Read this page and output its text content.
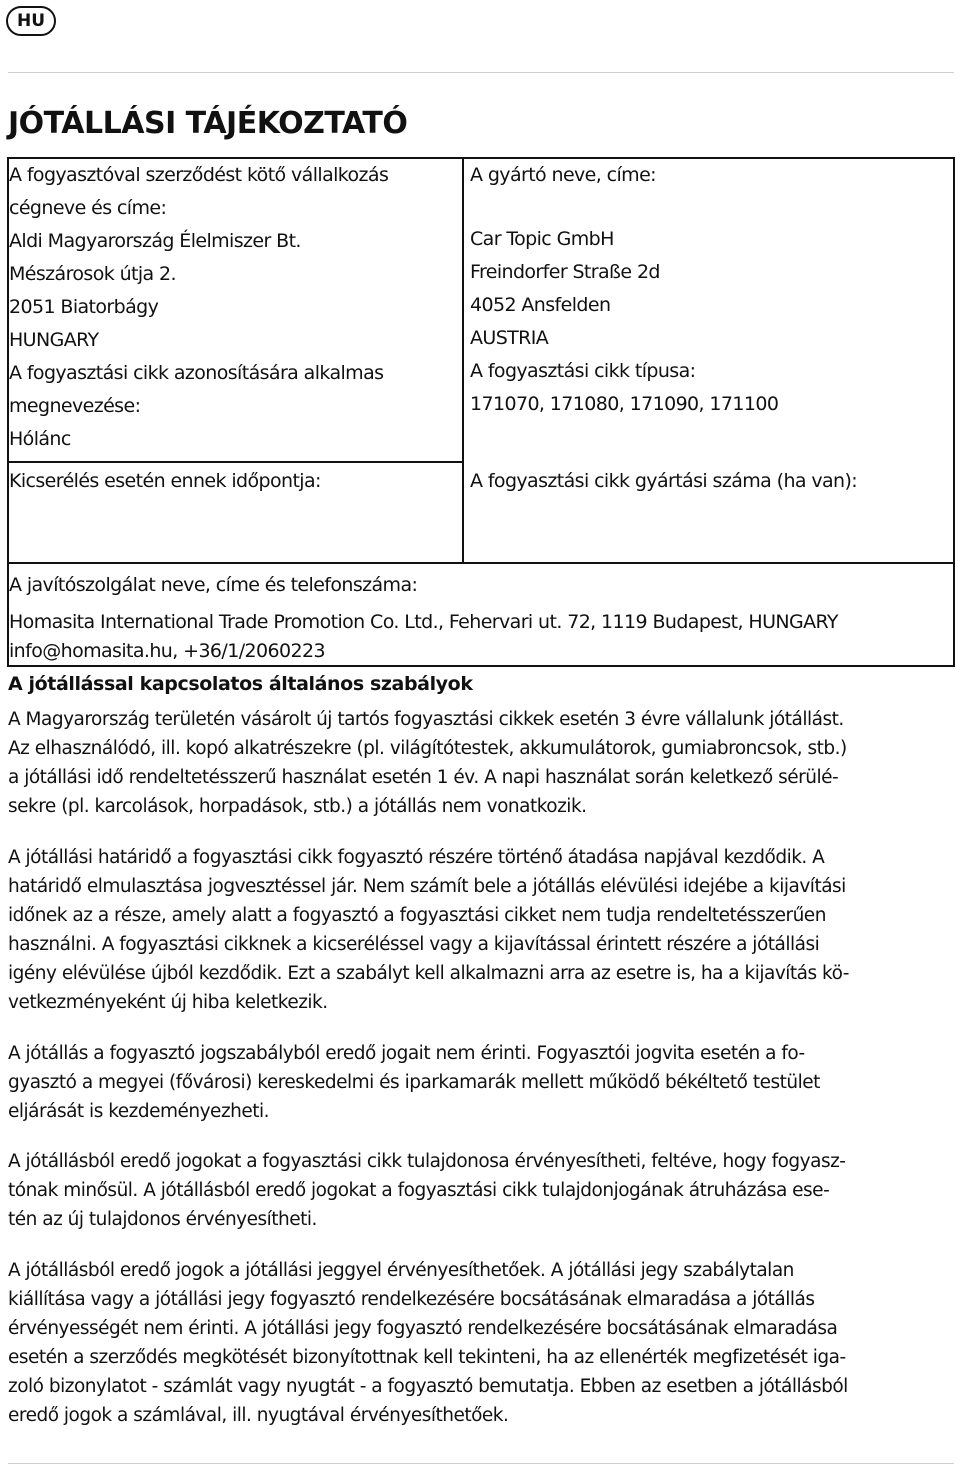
HU
JÓTÁLLÁSI TÁJÉKOZTATÓ
A fogyasztóval szerződést kötő vállalkozás
cégneve és címe:
Aldi Magyarország Élelmiszer Bt.
Mészárosok útja 2.
2051 Biatorbágy
HUNGARY
A fogyasztási cikk azonosítására alkalmas
megnevezése:
Hólánc
Kicserélés esetén ennek időpontja:
A gyártó neve, címe:
Car Topic GmbH
Freindorfer Straße 2d
4052 Ansfelden
AUSTRIA
A fogyasztási cikk típusa:
171070, 171080, 171090, 171100
A fogyasztási cikk gyártási száma (ha van):
A javítószolgálat neve, címe és telefonszáma:
Homasita International Trade Promotion Co. Ltd., Fehervari ut. 72, 1119 Budapest, HUNGARY
info@homasita.hu, +36/1/2060223
A jótállással kapcsolatos általános szabályok
A Magyarország területén vásárolt új tartós fogyasztási cikkek esetén 3 évre vállalunk jótállást.
Az elhasználódó, ill. kopó alkatrészekre (pl. világítótestek, akkumulátorok, gumiabroncsok, stb.)
a jótállási idő rendeltetésszerű használat esetén 1 év. A napi használat során keletkező sérülé-
sekre (pl. karcolások, horpadások, stb.) a jótállás nem vonatkozik.
A jótállási határidő a fogyasztási cikk fogyasztó részére történő átadása napjával kezdődik. A
határidő elmulasztása jogvesztéssel jár. Nem számít bele a jótállás elévülési idejébe a kijavítási
időnek az a része, amely alatt a fogyasztó a fogyasztási cikket nem tudja rendeltetésszerűen
használni. A fogyasztási cikknek a kicseréléssel vagy a kijavítással érintett részére a jótállási
igény elévülése újból kezdődik. Ezt a szabályt kell alkalmazni arra az esetre is, ha a kijavítás kö-
vetkezményeként új hiba keletkezik.
A jótállás a fogyasztó jogszabályból eredő jogait nem érinti. Fogyasztói jogvita esetén a fo-
gyasztó a megyei (fővárosi) kereskedelmi és iparkamarák mellett működő békéltető testület
eljárását is kezdeményezheti.
A jótállásból eredő jogokat a fogyasztási cikk tulajdonosa érvényesítheti, feltéve, hogy fogyasz-
tónak minősül. A jótállásból eredő jogokat a fogyasztási cikk tulajdonjogának átruházása ese-
tén az új tulajdonos érvényesítheti.
A jótállásból eredő jogok a jótállási jeggyel érvényesíthetőek. A jótállási jegy szabálytalan
kiállítása vagy a jótállási jegy fogyasztó rendelkezésére bocsátásának elmaradása a jótállás
érvényességét nem érinti. A jótállási jegy fogyasztó rendelkezésére bocsátásának elmaradása
esetén a szerződés megkötését bizonyítottnak kell tekinteni, ha az ellenérték megfizetését iga-
zoló bizonylatot - számlát vagy nyugtát - a fogyasztó bemutatja. Ebben az esetben a jótállásból
eredő jogok a számlával, ill. nyugtával érvényesíthetőek.
